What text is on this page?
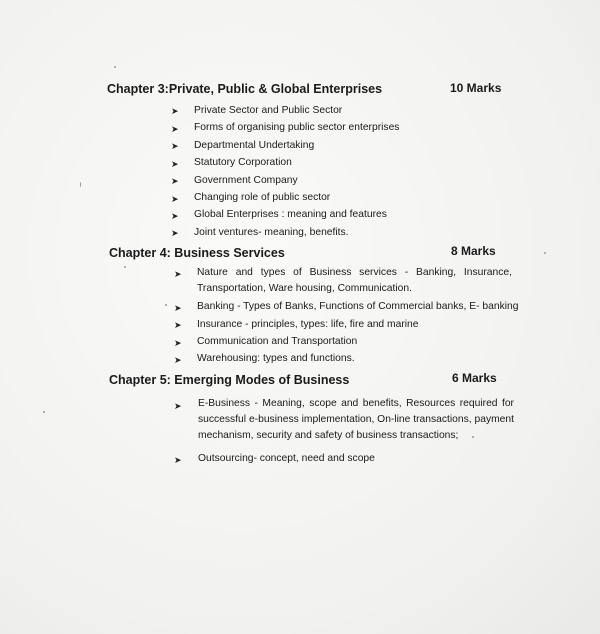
Chapter 3:Private, Public & Global Enterprises	10 Marks
➤ Private Sector and Public Sector
➤ Forms of organising public sector enterprises
➤ Departmental Undertaking
➤ Statutory Corporation
➤ Government Company
➤ Changing role of public sector
➤ Global Enterprises : meaning and features
➤ Joint ventures- meaning, benefits.
Chapter 4: Business Services	8 Marks
➤ Nature and types of Business services - Banking, Insurance, Transportation, Ware housing, Communication.
➤ Banking - Types of Banks, Functions of Commercial banks, E- banking
➤ Insurance - principles, types: life, fire and marine
➤ Communication and Transportation
➤ Warehousing: types and functions.
Chapter 5: Emerging Modes of Business	6 Marks
➤ E-Business - Meaning, scope and benefits, Resources required for successful e-business implementation, On-line transactions, payment mechanism, security and safety of business transactions;
➤ Outsourcing- concept, need and scope
